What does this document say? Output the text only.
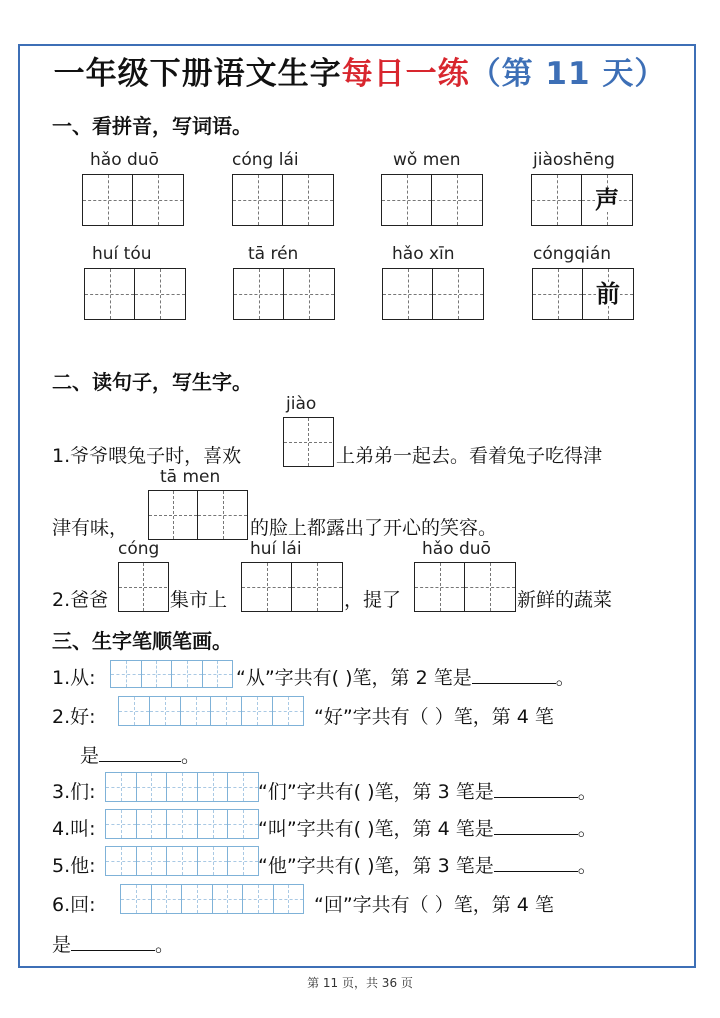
一年级下册语文生字每日一练（第 11 天）
一、看拼音，写词语。
hǎo duō	cóng lái	wǒ men	jiàoshēng
声
huí tóu	tā rén	hǎo xīn	cóngqián
前
二、读句子，写生字。
jiào
1.爷爷喂兔子时，喜欢	上弟弟一起去。看着兔子吃得津
tā men
津有味，	的脸上都露出了开心的笑容。
cóng	huí lái	hǎo duō
2.爸爸	集市上	，提了	新鲜的蔬菜
三、生字笔顺笔画。
1.从:	“从”字共有( )笔，第 2 笔是	。
2.好:	“好”字共有（ ）笔，第 4 笔
是	。
3.们:	“们”字共有( )笔，第 3 笔是	。
4.叫:	“叫”字共有( )笔，第 4 笔是	。
5.他:	“他”字共有( )笔，第 3 笔是	。
6.回:	“回”字共有（ ）笔，第 4 笔
是	。
第 11 页，共 36 页
